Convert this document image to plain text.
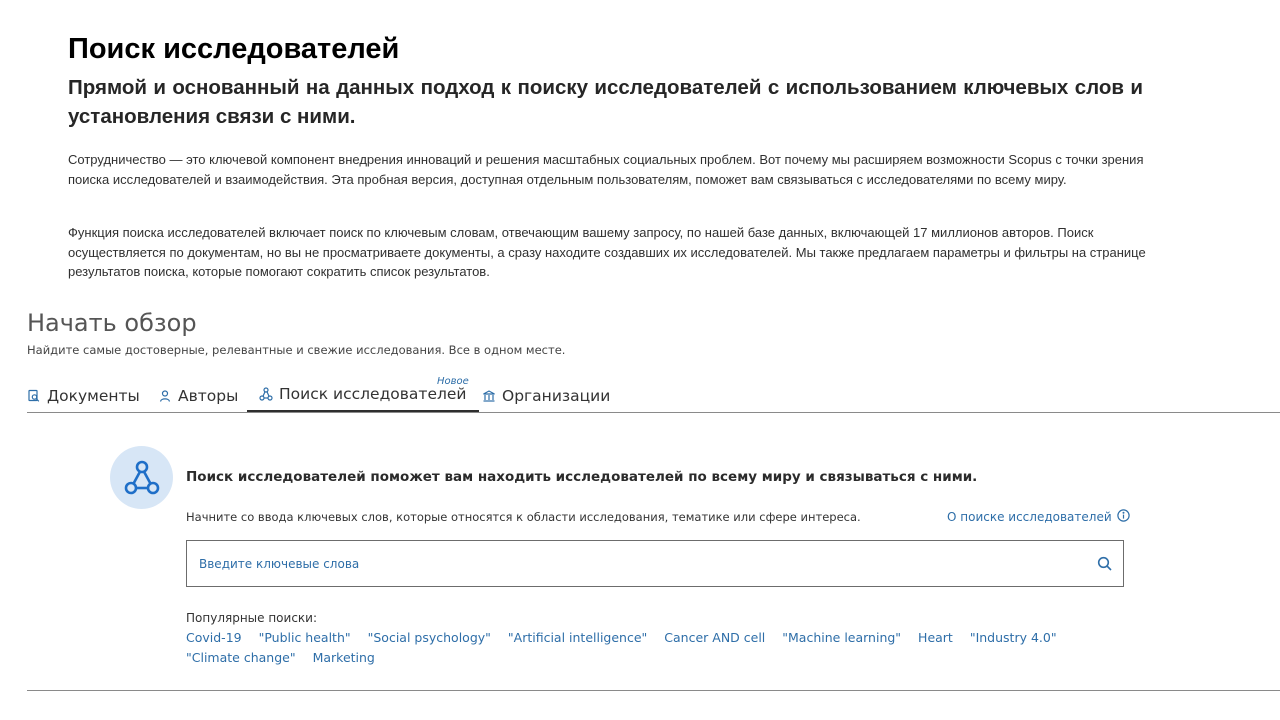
Поиск исследователей
Прямой и основанный на данных подход к поиску исследователей с использованием ключевых слов и установления связи с ними.
Сотрудничество — это ключевой компонент внедрения инноваций и решения масштабных социальных проблем. Вот почему мы расширяем возможности Scopus с точки зрения поиска исследователей и взаимодействия. Эта пробная версия, доступная отдельным пользователям, поможет вам связываться с исследователями по всему миру.
Функция поиска исследователей включает поиск по ключевым словам, отвечающим вашему запросу, по нашей базе данных, включающей 17 миллионов авторов. Поиск осуществляется по документам, но вы не просматриваете документы, а сразу находите создавших их исследователей. Мы также предлагаем параметры и фильтры на странице результатов поиска, которые помогают сократить список результатов.
Начать обзор
Найдите самые достоверные, релевантные и свежие исследования. Все в одном месте.
Новое
Документы Авторы	Поиск исследователей Организации
Поиск исследователей поможет вам находить исследователей по всему миру и связываться с ними.
Начните со ввода ключевых слов, которые относятся к области исследования, тематике или сфере интереса.	О поиске исследователей
Введите ключевые слова
Популярные поиски:
Covid-19 "Public health" "Social psychology" "Artificial intelligence" Cancer AND cell "Machine learning" Heart "Industry 4.0" "Climate change" Marketing
